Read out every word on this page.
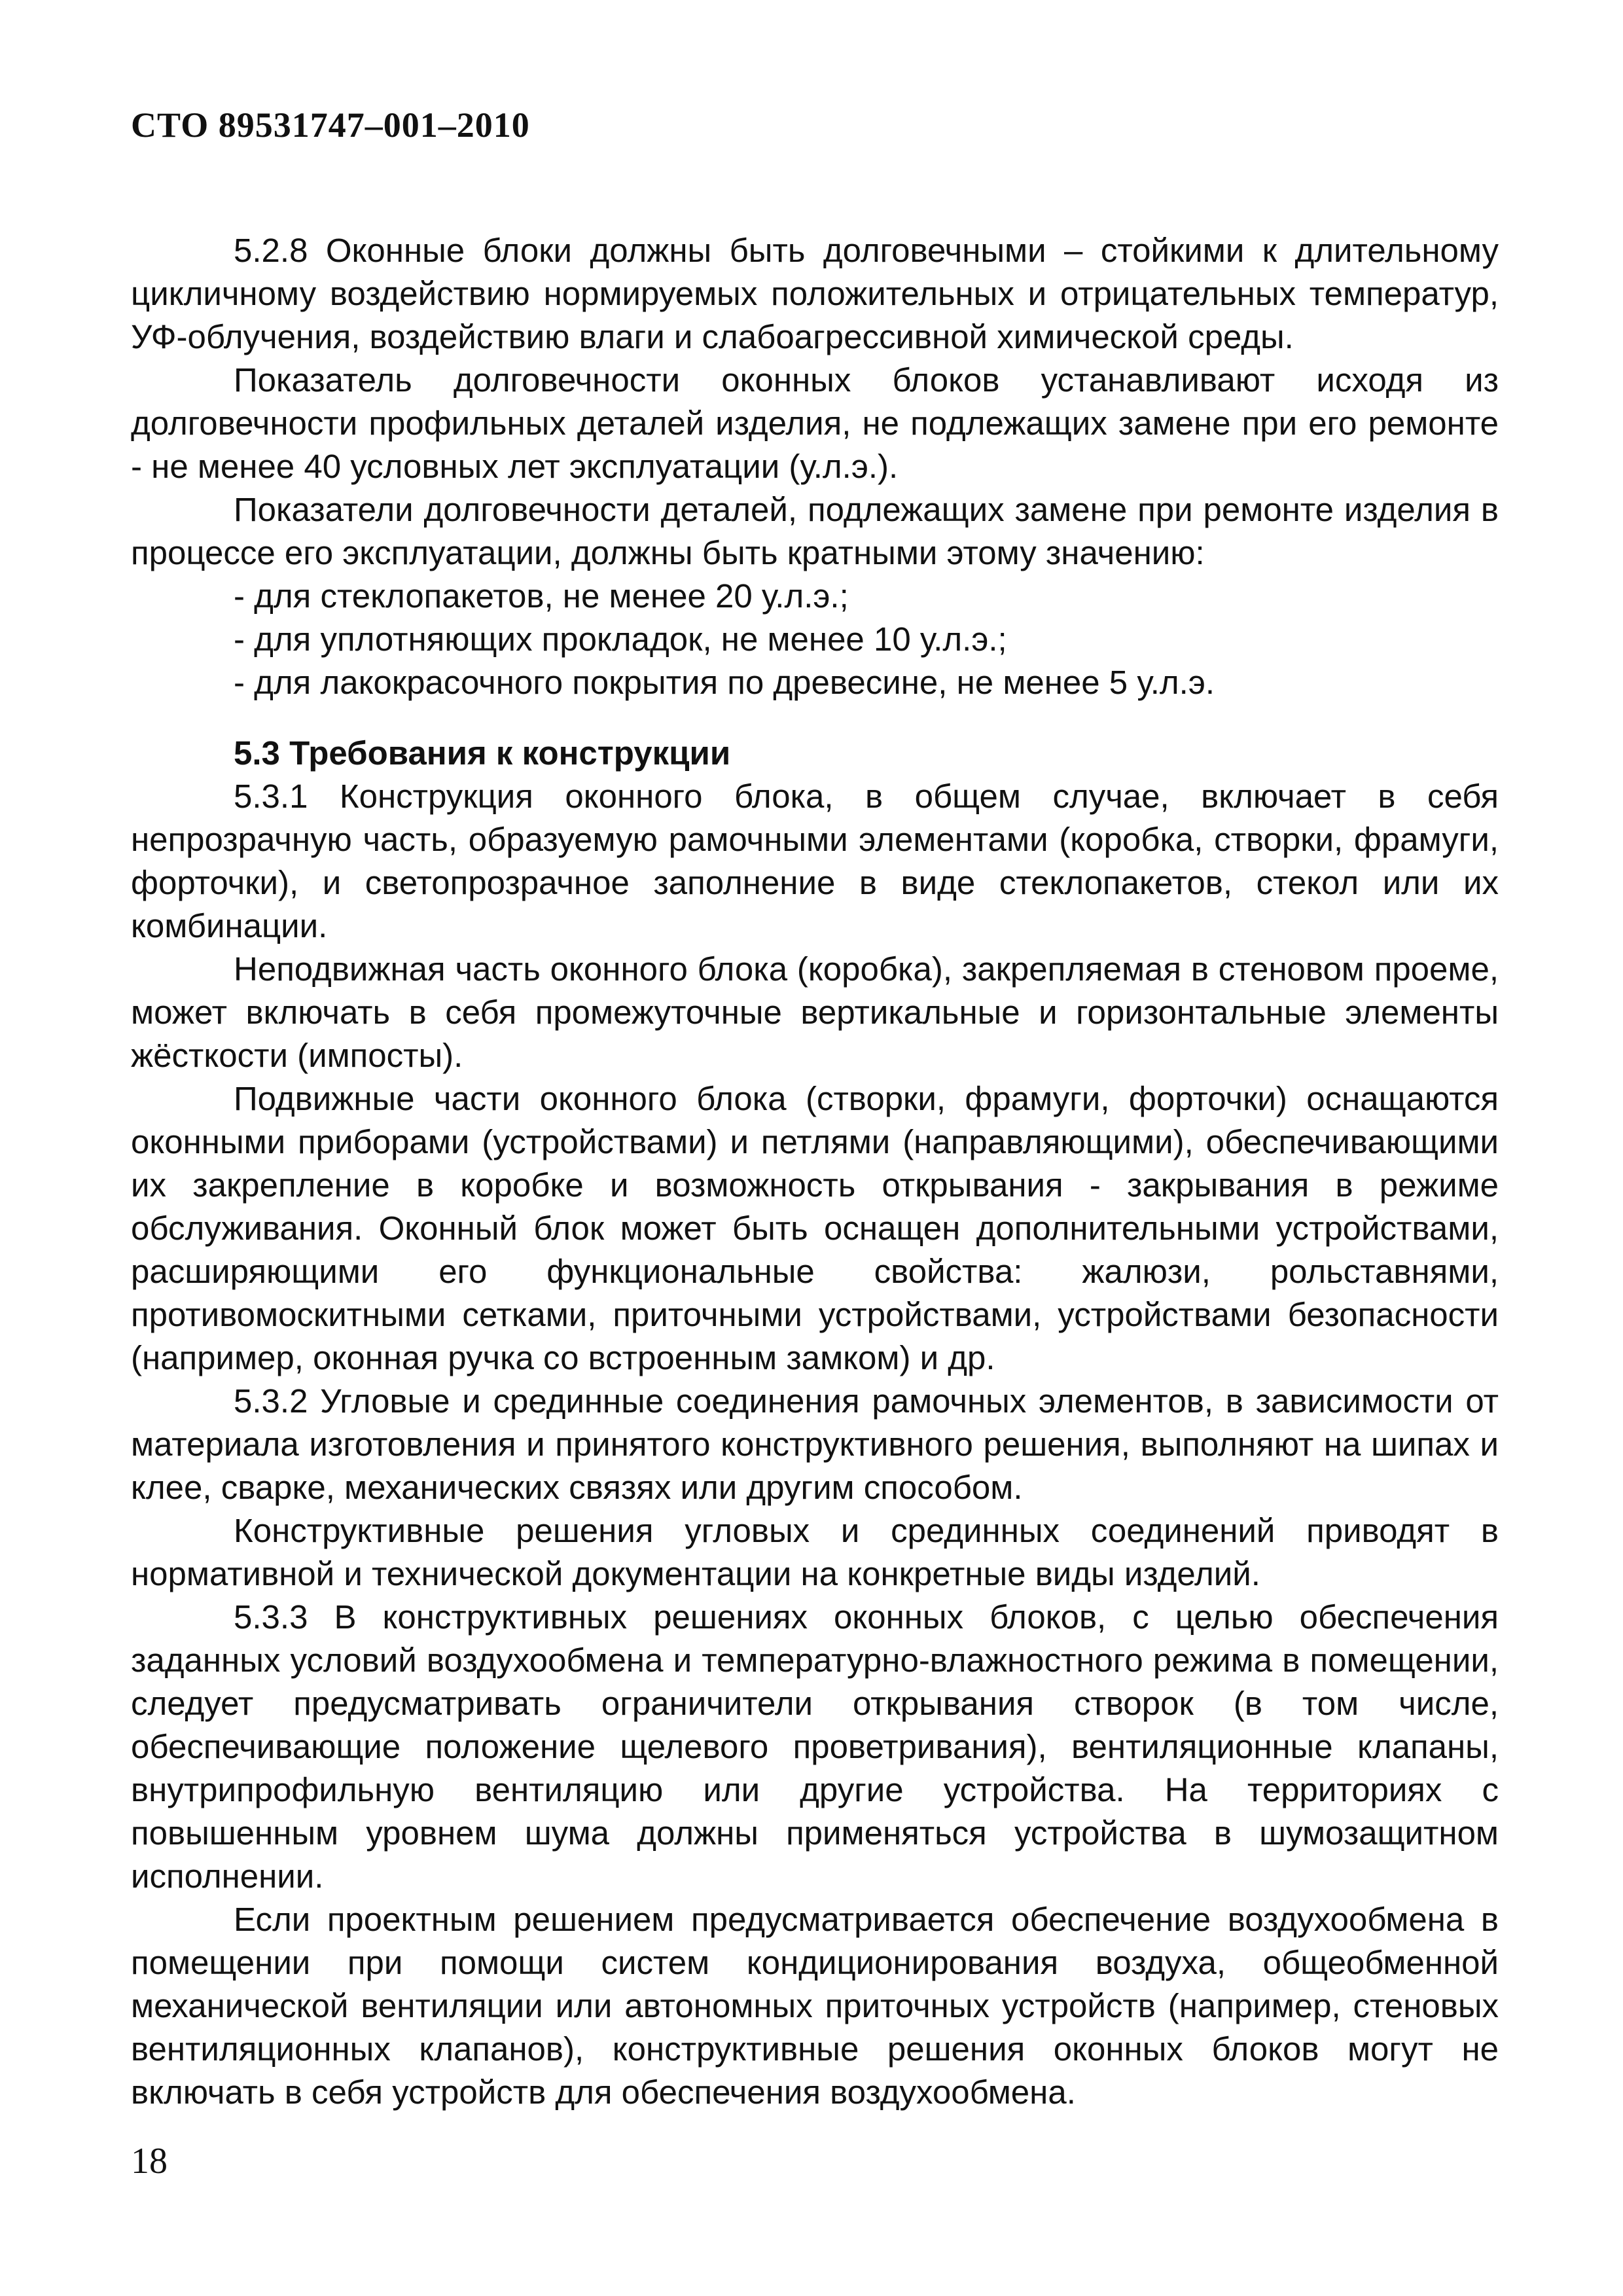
СТО 89531747–001–2010

5.2.8 Оконные блоки должны быть долговечными – стойкими к длительному цикличному воздействию нормируемых положительных и отрицательных температур, УФ-облучения, воздействию влаги и слабоагрессивной химической среды.

Показатель долговечности оконных блоков устанавливают исходя из долговечности профильных деталей изделия, не подлежащих замене при его ремонте - не менее 40 условных лет эксплуатации (у.л.э.).

Показатели долговечности деталей, подлежащих замене при ремонте изделия в процессе его эксплуатации, должны быть кратными этому значению:

- для стеклопакетов, не менее 20 у.л.э.;

- для уплотняющих прокладок, не менее 10 у.л.э.;

- для лакокрасочного покрытия по древесине, не менее 5 у.л.э.

5.3 Требования к конструкции

5.3.1 Конструкция оконного блока, в общем случае, включает в себя непрозрачную часть, образуемую рамочными элементами (коробка, створки, фрамуги, форточки), и светопрозрачное заполнение в виде стеклопакетов, стекол или их комбинации.

Неподвижная часть оконного блока (коробка), закрепляемая в стеновом проеме, может включать в себя промежуточные вертикальные и горизонтальные элементы жёсткости (импосты).

Подвижные части оконного блока (створки, фрамуги, форточки) оснащаются оконными приборами (устройствами) и петлями (направляющими), обеспечивающими их закрепление в коробке и возможность открывания - закрывания в режиме обслуживания. Оконный блок может быть оснащен дополнительными устройствами, расширяющими его функциональные свойства: жалюзи, рольставнями, противомоскитными сетками, приточными устройствами, устройствами безопасности (например, оконная ручка со встроенным замком) и др.

5.3.2 Угловые и срединные соединения рамочных элементов, в зависимости от материала изготовления и принятого конструктивного решения, выполняют на шипах и клее, сварке, механических связях или другим способом.

Конструктивные решения угловых и срединных соединений приводят в нормативной и технической документации на конкретные виды изделий.

5.3.3 В конструктивных решениях оконных блоков, с целью обеспечения заданных условий воздухообмена и температурно-влажностного режима в помещении, следует предусматривать ограничители открывания створок (в том числе, обеспечивающие положение щелевого проветривания), вентиляционные клапаны, внутрипрофильную вентиляцию или другие устройства. На территориях с повышенным уровнем шума должны применяться устройства в шумозащитном исполнении.

Если проектным решением предусматривается обеспечение воздухообмена в помещении при помощи систем кондиционирования воздуха, общеобменной механической вентиляции или автономных приточных устройств (например, стеновых вентиляционных клапанов), конструктивные решения оконных блоков могут не включать в себя устройств для обеспечения воздухообмена.

18
